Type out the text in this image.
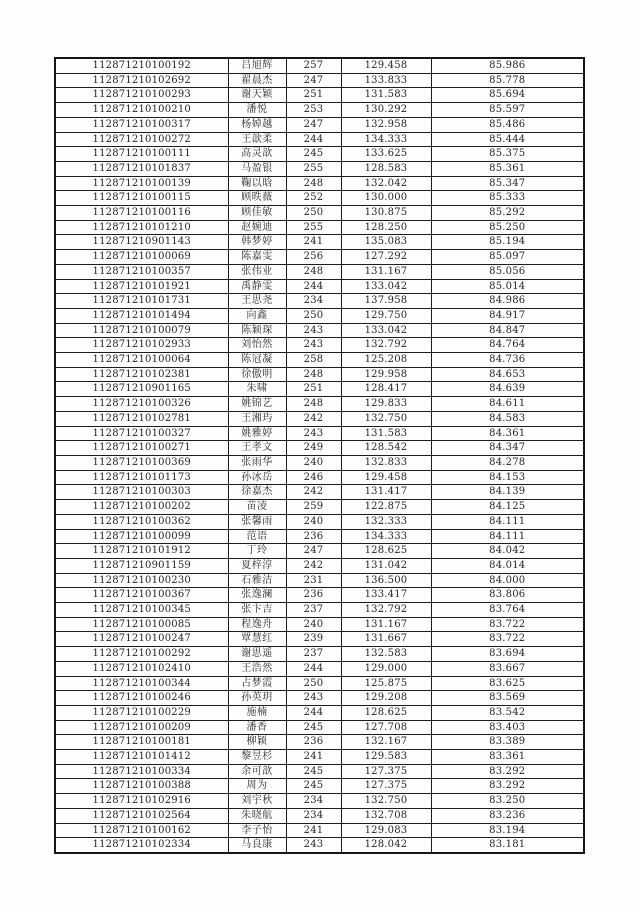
112871210100192	吕旭辉	257	129.458	85.986
112871210102692	翟晨杰	247	133.833	85.778
112871210100293	谢天颖	251	131.583	85.694
112871210100210	潘悦	253	130.292	85.597
112871210100317	杨婥越	247	132.958	85.486
112871210100272	王歆柔	244	134.333	85.444
112871210100111	高灵歆	245	133.625	85.375
112871210101837	马盈银	255	128.583	85.361
112871210100139	鞠以晗	248	132.042	85.347
112871210100115	顾昳薇	252	130.000	85.333
112871210100116	顾佳敏	250	130.875	85.292
112871210101210	赵婉迪	255	128.250	85.250
112871210901143	韩梦婷	241	135.083	85.194
112871210100069	陈嘉雯	256	127.292	85.097
112871210100357	张伟业	248	131.167	85.056
112871210101921	禹静雯	244	133.042	85.014
112871210101731	王思尧	234	137.958	84.986
112871210101494	向鑫	250	129.750	84.917
112871210100079	陈颖琛	243	133.042	84.847
112871210102933	刘怡然	243	132.792	84.764
112871210100064	陈冠凝	258	125.208	84.736
112871210102381	徐傲明	248	129.958	84.653
112871210901165	朱啸	251	128.417	84.639
112871210100326	姚锦艺	248	129.833	84.611
112871210102781	王湘玙	242	132.750	84.583
112871210100327	姚雅婷	243	131.583	84.361
112871210100271	王孝文	249	128.542	84.347
112871210100369	张雨华	240	132.833	84.278
112871210101173	孙冰岳	246	129.458	84.153
112871210100303	徐嘉杰	242	131.417	84.139
112871210100202	苗凌	259	122.875	84.125
112871210100362	张馨雨	240	132.333	84.111
112871210100099	范语	236	134.333	84.111
112871210101912	丁玲	247	128.625	84.042
112871210901159	夏梓淳	242	131.042	84.014
112871210100230	石雅洁	231	136.500	84.000
112871210100367	张逸澜	236	133.417	83.806
112871210100345	张卞吉	237	132.792	83.764
112871210100085	程逸舟	240	131.167	83.722
112871210100247	覃慧红	239	131.667	83.722
112871210100292	谢思遥	237	132.583	83.694
112871210102410	王浩然	244	129.000	83.667
112871210100344	占梦霞	250	125.875	83.625
112871210100246	孙英玥	243	129.208	83.569
112871210100229	施楠	244	128.625	83.542
112871210100209	潘香	245	127.708	83.403
112871210100181	柳颖	236	132.167	83.389
112871210101412	黎昱杉	241	129.583	83.361
112871210100334	余可歆	245	127.375	83.292
112871210100388	周为	245	127.375	83.292
112871210102916	刘宇秋	234	132.750	83.250
112871210102564	朱晓航	234	132.708	83.236
112871210100162	李子怡	241	129.083	83.194
112871210102334	马良康	243	128.042	83.181
